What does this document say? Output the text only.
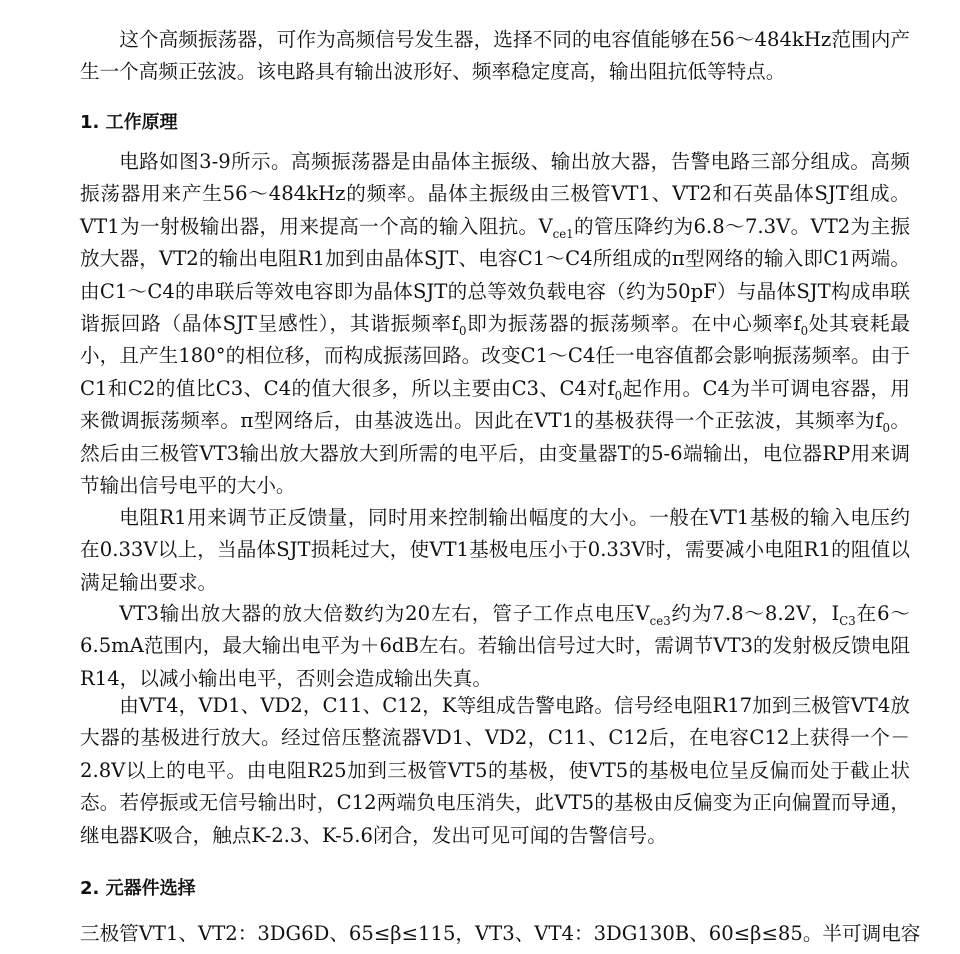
这个高频振荡器，可作为高频信号发生器，选择不同的电容值能够在56～484kHz范围内产生一个高频正弦波。该电路具有输出波形好、频率稳定度高，输出阻抗低等特点。

1. 工作原理

电路如图3-9所示。高频振荡器是由晶体主振级、输出放大器，告警电路三部分组成。高频振荡器用来产生56～484kHz的频率。晶体主振级由三极管VT1、VT2和石英晶体SJT组成。VT1为一射极输出器，用来提高一个高的输入阻抗。$V_{ce1}$的管压降约为6.8～7.3V。VT2为主振放大器，VT2的输出电阻R1加到由晶体SJT、电容C1～C4所组成的π型网络的输入即C1两端。由C1～C4的串联后等效电容即为晶体SJT的总等效负载电容（约为50pF）与晶体SJT构成串联谐振回路（晶体SJT呈感性），其谐振频率$f_0$即为振荡器的振荡频率。在中心频率$f_0$处其衰耗最小，且产生180°的相位移，而构成振荡回路。改变C1～C4任一电容值都会影响振荡频率。由于C1和C2的值比C3、C4的值大很多，所以主要由C3、C4对$f_0$起作用。C4为半可调电容器，用来微调振荡频率。π型网络后，由基波选出。因此在VT1的基极获得一个正弦波，其频率为$f_0$。然后由三极管VT3输出放大器放大到所需的电平后，由变量器T的5-6端输出，电位器RP用来调节输出信号电平的大小。

电阻R1用来调节正反馈量，同时用来控制输出幅度的大小。一般在VT1基极的输入电压约在0.33V以上，当晶体SJT损耗过大，使VT1基极电压小于0.33V时，需要减小电阻R1的阻值以满足输出要求。

VT3输出放大器的放大倍数约为20左右，管子工作点电压$V_{ce3}$约为7.8～8.2V，$I_{C3}$在6～6.5mA范围内，最大输出电平为＋6dB左右。若输出信号过大时，需调节VT3的发射极反馈电阻R14，以减小输出电平，否则会造成输出失真。

由VT4，VD1、VD2，C11、C12，K等组成告警电路。信号经电阻R17加到三极管VT4放大器的基极进行放大。经过倍压整流器VD1、VD2，C11、C12后，在电容C12上获得一个－2.8V以上的电平。由电阻R25加到三极管VT5的基极，使VT5的基极电位呈反偏而处于截止状态。若停振或无信号输出时，C12两端负电压消失，此VT5的基极由反偏变为正向偏置而导通，继电器K吸合，触点K-2.3、K-5.6闭合，发出可见可闻的告警信号。

2. 元器件选择

三极管VT1、VT2：3DG6D、65≤β≤115，VT3、VT4：3DG130B、60≤β≤85。半可调电容
